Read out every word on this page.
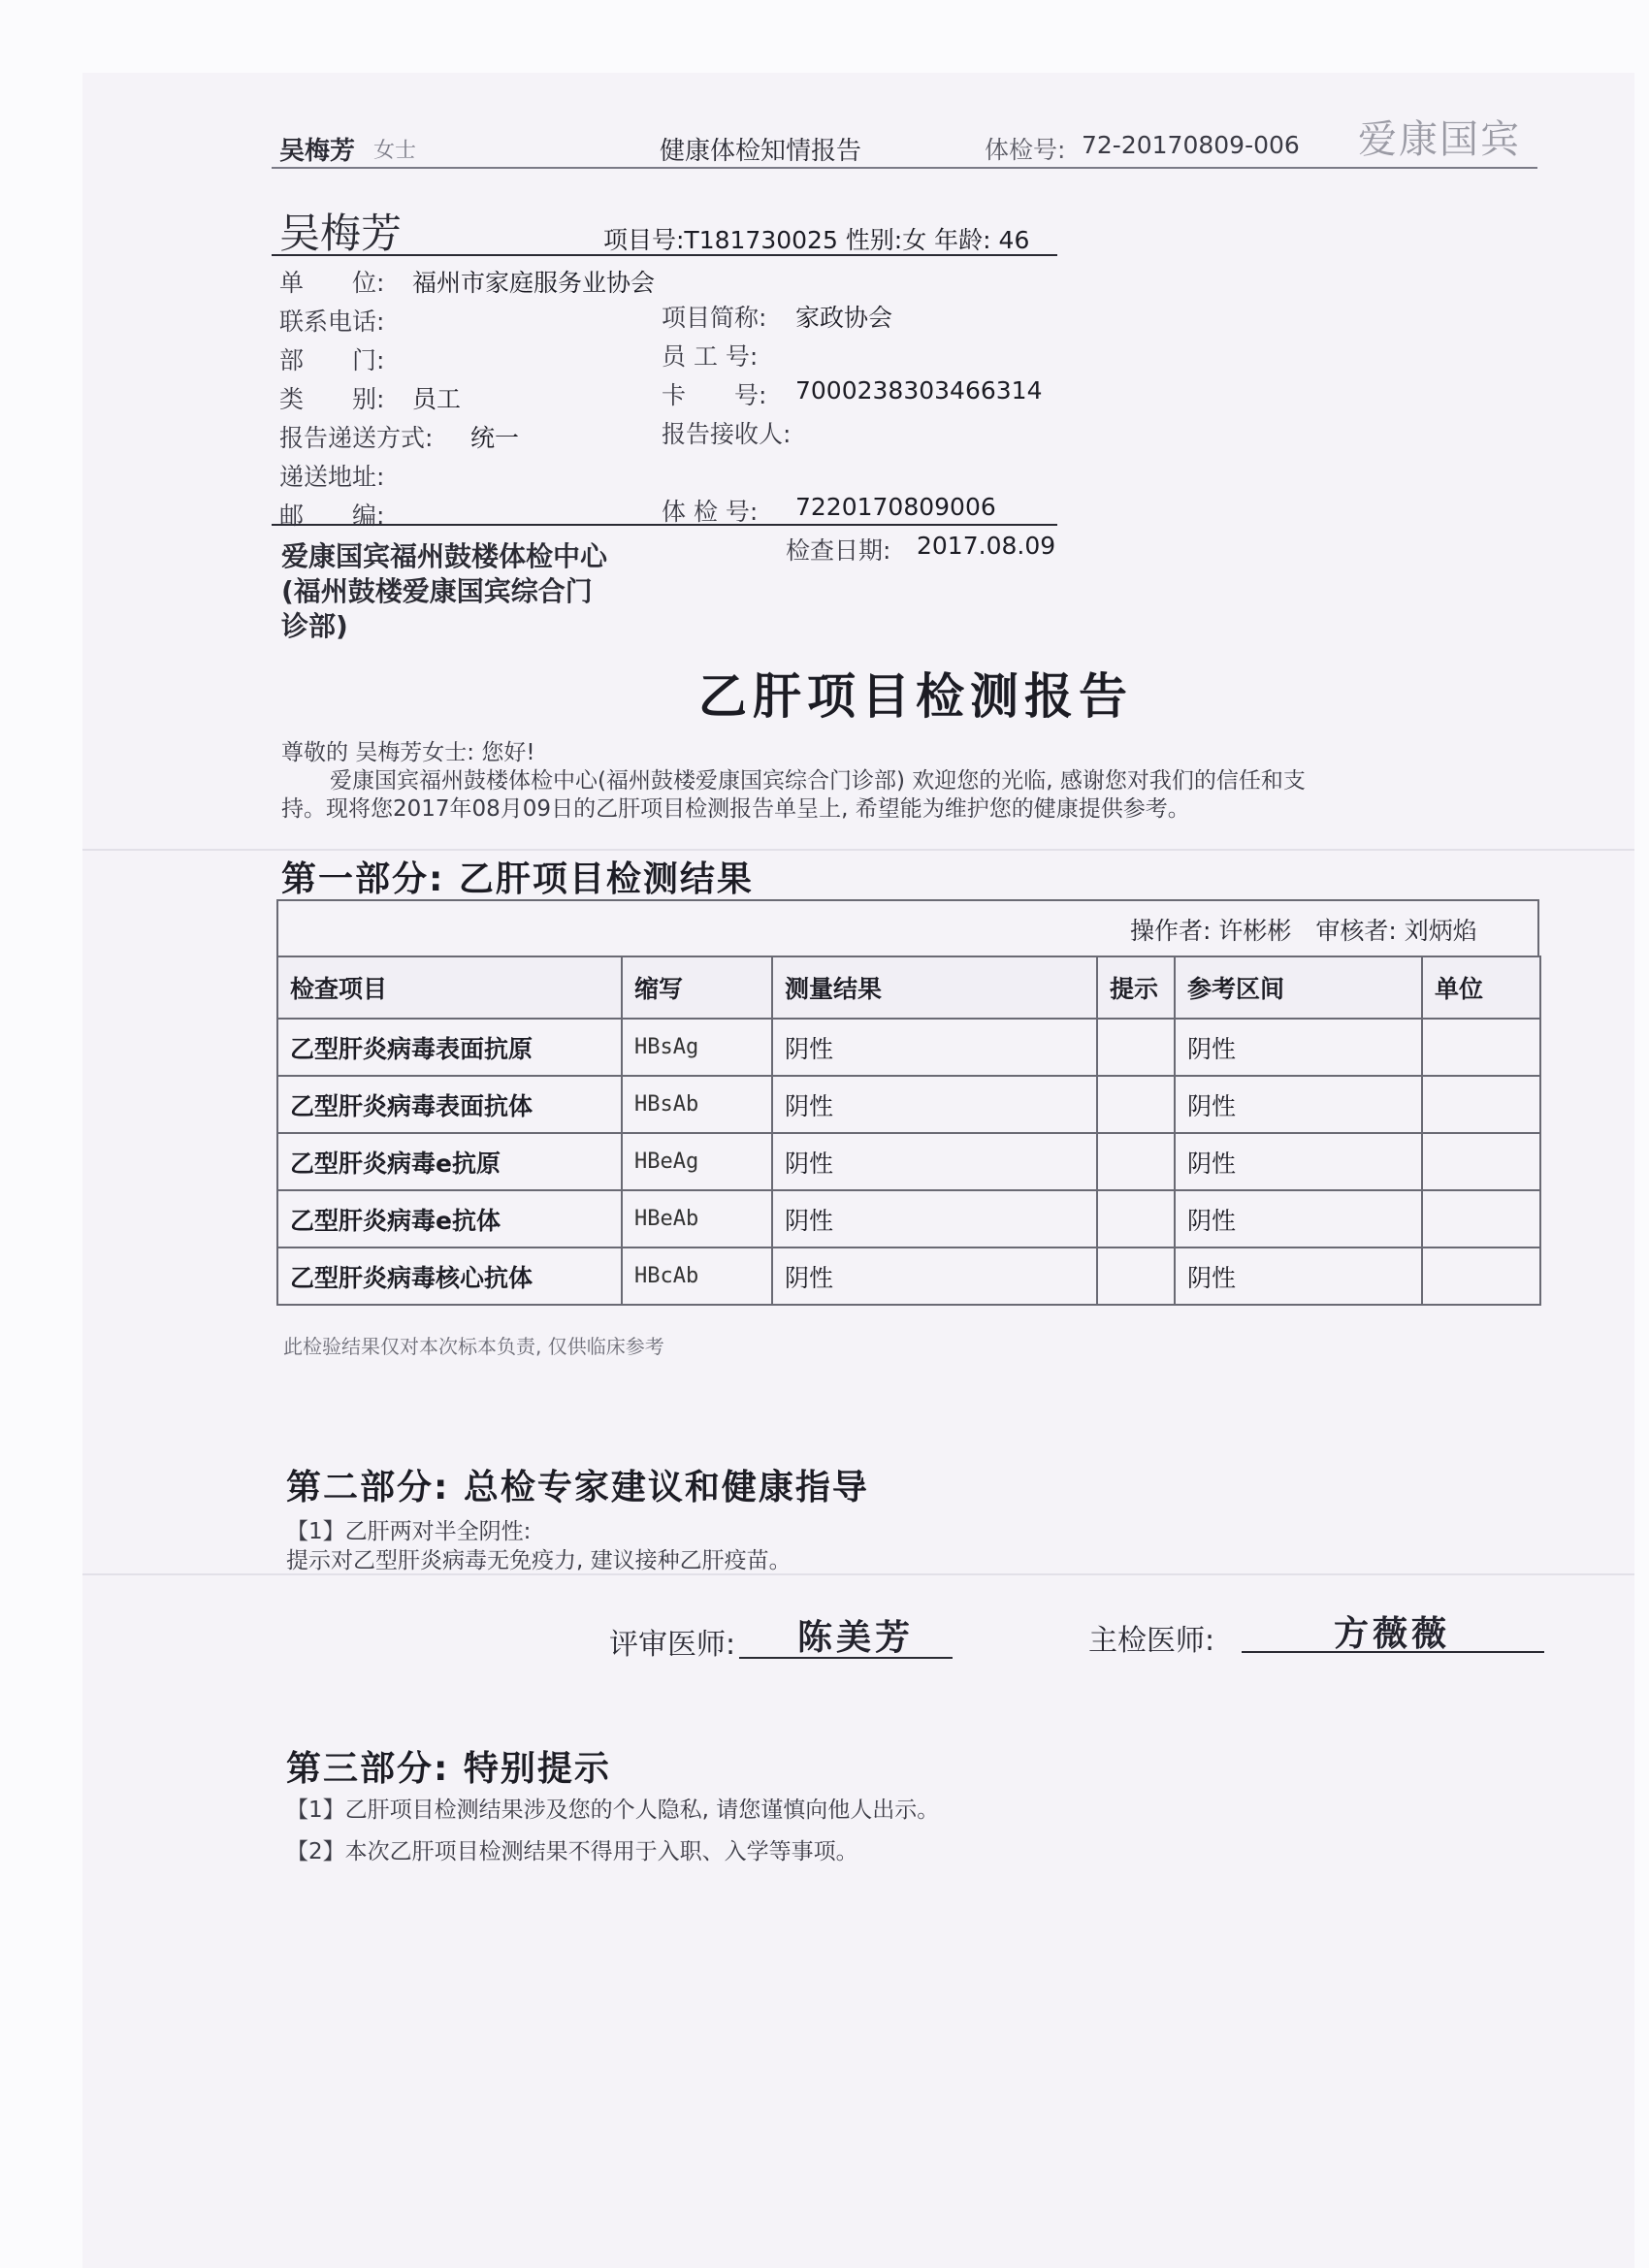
吴梅芳 女士	健康体检知情报告	体检号: 72-20170809-006 爱康国宾
吴梅芳	项目号:T181730025 性别:女 年龄: 46
单　　位: 福州市家庭服务业协会
联系电话:	项目简称: 家政协会
部　　门:	员 工 号:
类　　别: 员工	卡　　号: 7000238303466314
报告递送方式: 统一	报告接收人:
递送地址:
邮　　编:	体 检 号: 7220170809006
爱康国宾福州鼓楼体检中心
(福州鼓楼爱康国宾综合门
诊部)
检查日期: 2017.08.09
乙肝项目检测报告
尊敬的 吴梅芳女士: 您好!
爱康国宾福州鼓楼体检中心(福州鼓楼爱康国宾综合门诊部) 欢迎您的光临, 感谢您对我们的信任和支
持。现将您2017年08月09日的乙肝项目检测报告单呈上, 希望能为维护您的健康提供参考。
第一部分: 乙肝项目检测结果
操作者: 许彬彬　审核者: 刘炳焰
检查项目	缩写	测量结果	提示	参考区间	单位
乙型肝炎病毒表面抗原	HBsAg	阴性		阴性	
乙型肝炎病毒表面抗体	HBsAb	阴性		阴性	
乙型肝炎病毒e抗原	HBeAg	阴性		阴性	
乙型肝炎病毒e抗体	HBeAb	阴性		阴性	
乙型肝炎病毒核心抗体	HBcAb	阴性		阴性	
此检验结果仅对本次标本负责, 仅供临床参考
第二部分: 总检专家建议和健康指导
【1】乙肝两对半全阴性:
提示对乙型肝炎病毒无免疫力, 建议接种乙肝疫苗。
评审医师: 陈美芳	主检医师:	方薇薇
第三部分: 特别提示
【1】乙肝项目检测结果涉及您的个人隐私, 请您谨慎向他人出示。
【2】本次乙肝项目检测结果不得用于入职、入学等事项。
